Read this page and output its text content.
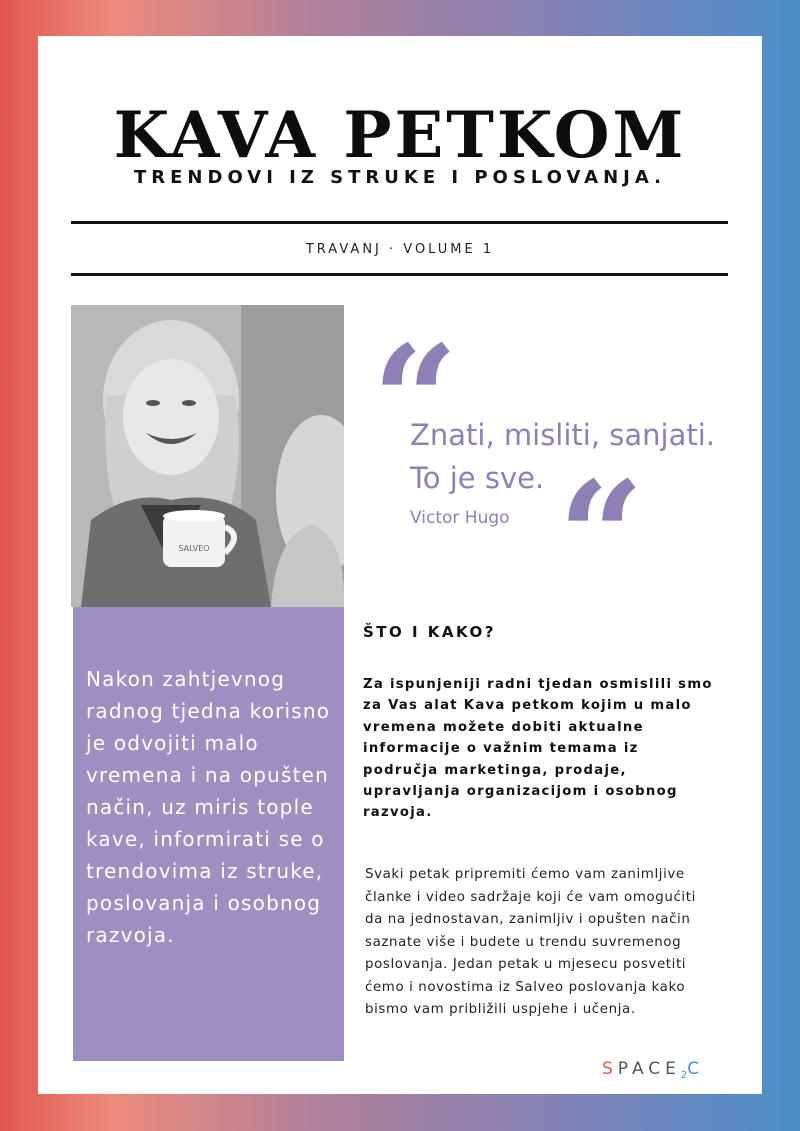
KAVA PETKOM
TRENDOVI IZ STRUKE I POSLOVANJA.
TRAVANJ · VOLUME 1
SALVEO
“
Znati, misliti, sanjati.
To je sve.
Victor Hugo “

Nakon zahtjevnog radnog tjedna korisno je odvojiti malo vremena i na opušten način, uz miris tople kave, informirati se o trendovima iz struke, poslovanja i osobnog razvoja.

ŠTO I KAKO?

Za ispunjeniji radni tjedan osmislili smo za Vas alat Kava petkom kojim u malo vremena možete dobiti aktualne informacije o važnim temama iz područja marketinga, prodaje, upravljanja organizacijom i osobnog razvoja.

Svaki petak pripremiti ćemo vam zanimljive članke i video sadržaje koji će vam omogućiti da na jednostavan, zanimljiv i opušten način saznate više i budete u trendu suvremenog poslovanja. Jedan petak u mjesecu posvetiti ćemo i novostima iz Salveo poslovanja kako bismo vam približili uspjehe i učenja.

$SPACE_2C$
